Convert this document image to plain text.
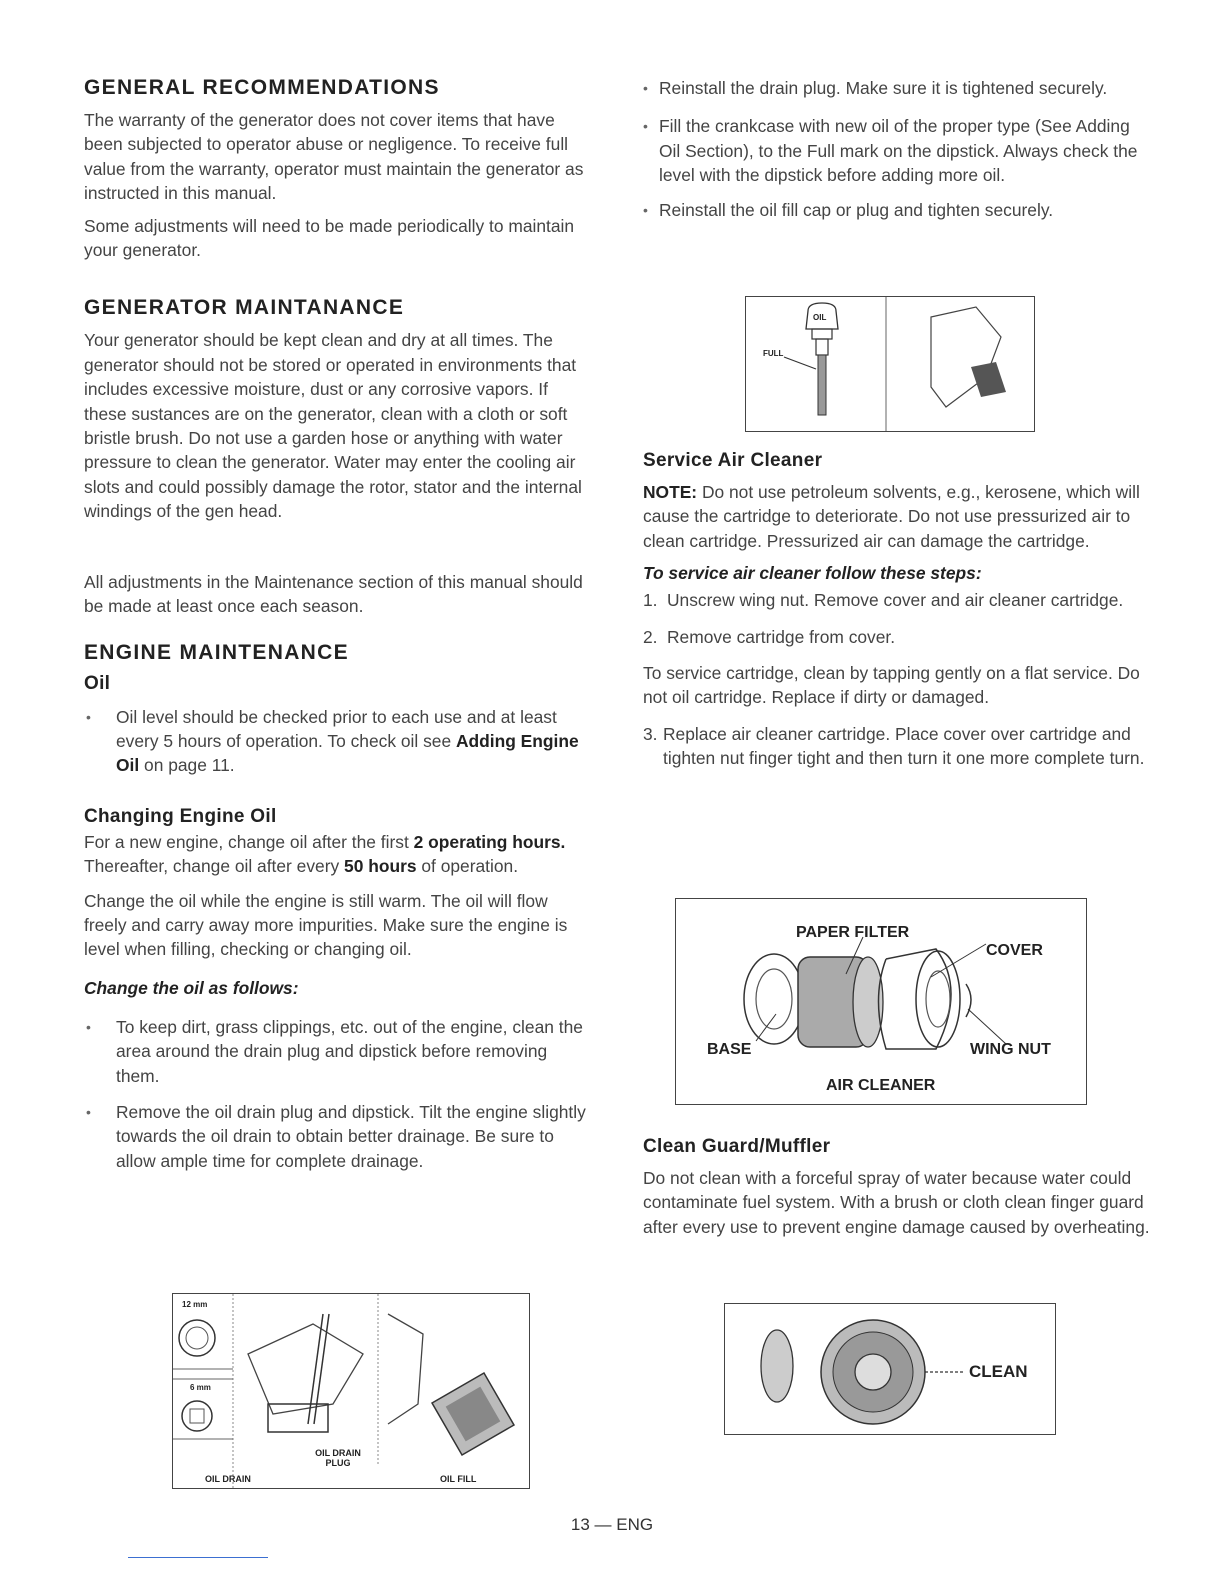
GENERAL RECOMMENDATIONS

The warranty of the generator does not cover items that have been subjected to operator abuse or negligence. To receive full value from the warranty, operator must maintain the generator as instructed in this manual.

Some adjustments will need to be made periodically to maintain your generator.

GENERATOR MAINTANANCE

Your generator should be kept clean and dry at all times. The generator should not be stored or operated in environments that includes excessive moisture, dust or any corrosive vapors. If these sustances are on the generator, clean with a cloth or soft bristle brush. Do not use a garden hose or anything with water pressure to clean the generator. Water may enter the cooling air slots and could possibly damage the rotor, stator and the internal windings of the gen head.

All adjustments in the Maintenance section of this manual should be made at least once each season.

ENGINE MAINTENANCE
Oil
• Oil level should be checked prior to each use and at least every 5 hours of operation. To check oil see Adding Engine Oil on page 11.
Changing Engine Oil

For a new engine, change oil after the first 2 operating hours. Thereafter, change oil after every 50 hours of operation.

Change the oil while the engine is still warm. The oil will flow freely and carry away more impurities. Make sure the engine is level when filling, checking or changing oil.

Change the oil as follows:
• To keep dirt, grass clippings, etc. out of the engine, clean the area around the drain plug and dipstick before removing them.
• Remove the oil drain plug and dipstick. Tilt the engine slightly towards the oil drain to obtain better drainage. Be sure to allow ample time for complete drainage.
12 mm
6 mm
OIL DRAIN
PLUG
OIL DRAIN	OIL FILL
• Reinstall the drain plug. Make sure it is tightened securely.
• Fill the crankcase with new oil of the proper type (See Adding Oil Section), to the Full mark on the dipstick. Always check the level with the dipstick before adding more oil.
• Reinstall the oil fill cap or plug and tighten securely.
OIL
FULL
Service Air Cleaner

NOTE: Do not use petroleum solvents, e.g., kerosene, which will cause the cartridge to deteriorate. Do not use pressurized air to clean cartridge. Pressurized air can damage the cartridge.

To service air cleaner follow these steps:
1. Unscrew wing nut. Remove cover and air cleaner cartridge.
2. Remove cartridge from cover.

To service cartridge, clean by tapping gently on a flat service. Do not oil cartridge. Replace if dirty or damaged.

3. Replace air cleaner cartridge. Place cover over cartridge and tighten nut finger tight and then turn it one more complete turn.
PAPER FILTER
COVER
BASE	WING NUT
AIR CLEANER
Clean Guard/Muffler

Do not clean with a forceful spray of water because water could contaminate fuel system. With a brush or cloth clean finger guard after every use to prevent engine damage caused by overheating.

CLEAN
13 — ENG
